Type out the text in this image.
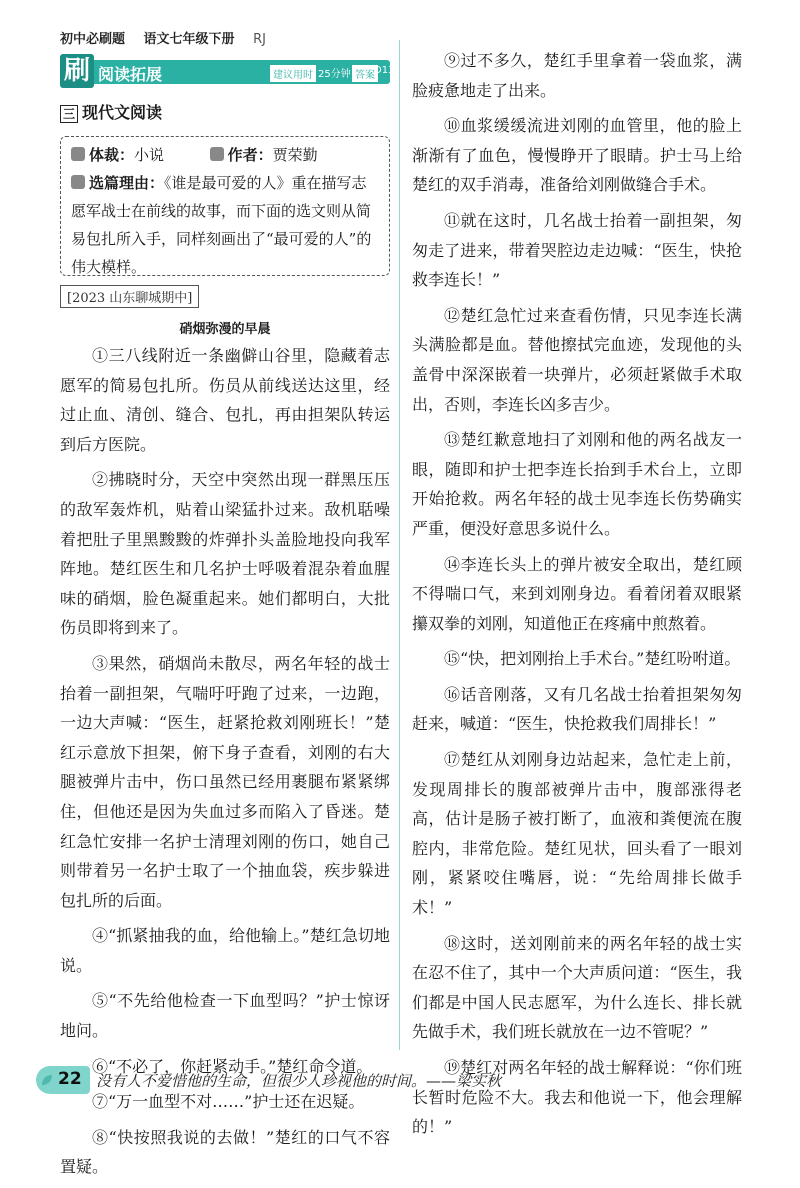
初中必刷题 语文七年级下册 RJ
刷 阅读拓展	建议用时 25分钟 答案 D13
三 现代文阅读
体裁：小说	作者：贾荣勤
选篇理由：《谁是最可爱的人》重在描写志愿军战士在前线的故事，而下面的选文则从简易包扎所入手，同样刻画出了“最可爱的人”的伟大模样。
[2023 山东聊城期中]
硝烟弥漫的早晨

①三八线附近一条幽僻山谷里，隐藏着志愿军的简易包扎所。伤员从前线送达这里，经过止血、清创、缝合、包扎，再由担架队转运到后方医院。

②拂晓时分，天空中突然出现一群黑压压的敌军轰炸机，贴着山梁猛扑过来。敌机聒噪着把肚子里黑黢黢的炸弹扑头盖脸地投向我军阵地。楚红医生和几名护士呼吸着混杂着血腥味的硝烟，脸色凝重起来。她们都明白，大批伤员即将到来了。

③果然，硝烟尚未散尽，两名年轻的战士抬着一副担架，气喘吁吁跑了过来，一边跑，一边大声喊：“医生，赶紧抢救刘刚班长！”楚红示意放下担架，俯下身子查看，刘刚的右大腿被弹片击中，伤口虽然已经用裹腿布紧紧绑住，但他还是因为失血过多而陷入了昏迷。楚红急忙安排一名护士清理刘刚的伤口，她自己则带着另一名护士取了一个抽血袋，疾步躲进包扎所的后面。

④“抓紧抽我的血，给他输上。”楚红急切地说。

⑤“不先给他检查一下血型吗？”护士惊讶地问。

⑥“不必了，你赶紧动手。”楚红命令道。

⑦“万一血型不对……”护士还在迟疑。

⑧“快按照我说的去做！”楚红的口气不容置疑。

⑨过不多久，楚红手里拿着一袋血浆，满脸疲惫地走了出来。

⑩血浆缓缓流进刘刚的血管里，他的脸上渐渐有了血色，慢慢睁开了眼睛。护士马上给楚红的双手消毒，准备给刘刚做缝合手术。

⑪就在这时，几名战士抬着一副担架，匆匆走了进来，带着哭腔边走边喊：“医生，快抢救李连长！”

⑫楚红急忙过来查看伤情，只见李连长满头满脸都是血。替他擦拭完血迹，发现他的头盖骨中深深嵌着一块弹片，必须赶紧做手术取出，否则，李连长凶多吉少。

⑬楚红歉意地扫了刘刚和他的两名战友一眼，随即和护士把李连长抬到手术台上，立即开始抢救。两名年轻的战士见李连长伤势确实严重，便没好意思多说什么。

⑭李连长头上的弹片被安全取出，楚红顾不得喘口气，来到刘刚身边。看着闭着双眼紧攥双拳的刘刚，知道他正在疼痛中煎熬着。

⑮“快，把刘刚抬上手术台。”楚红吩咐道。

⑯话音刚落，又有几名战士抬着担架匆匆赶来，喊道：“医生，快抢救我们周排长！”

⑰楚红从刘刚身边站起来，急忙走上前，发现周排长的腹部被弹片击中，腹部涨得老高，估计是肠子被打断了，血液和粪便流在腹腔内，非常危险。楚红见状，回头看了一眼刘刚，紧紧咬住嘴唇，说：“先给周排长做手术！”

⑱这时，送刘刚前来的两名年轻的战士实在忍不住了，其中一个大声质问道：“医生，我们都是中国人民志愿军，为什么连长、排长就先做手术，我们班长就放在一边不管呢？”

⑲楚红对两名年轻的战士解释说：“你们班长暂时危险不大。我去和他说一下，他会理解的！”

22 没有人不爱惜他的生命，但很少人珍视他的时间。——梁实秋
